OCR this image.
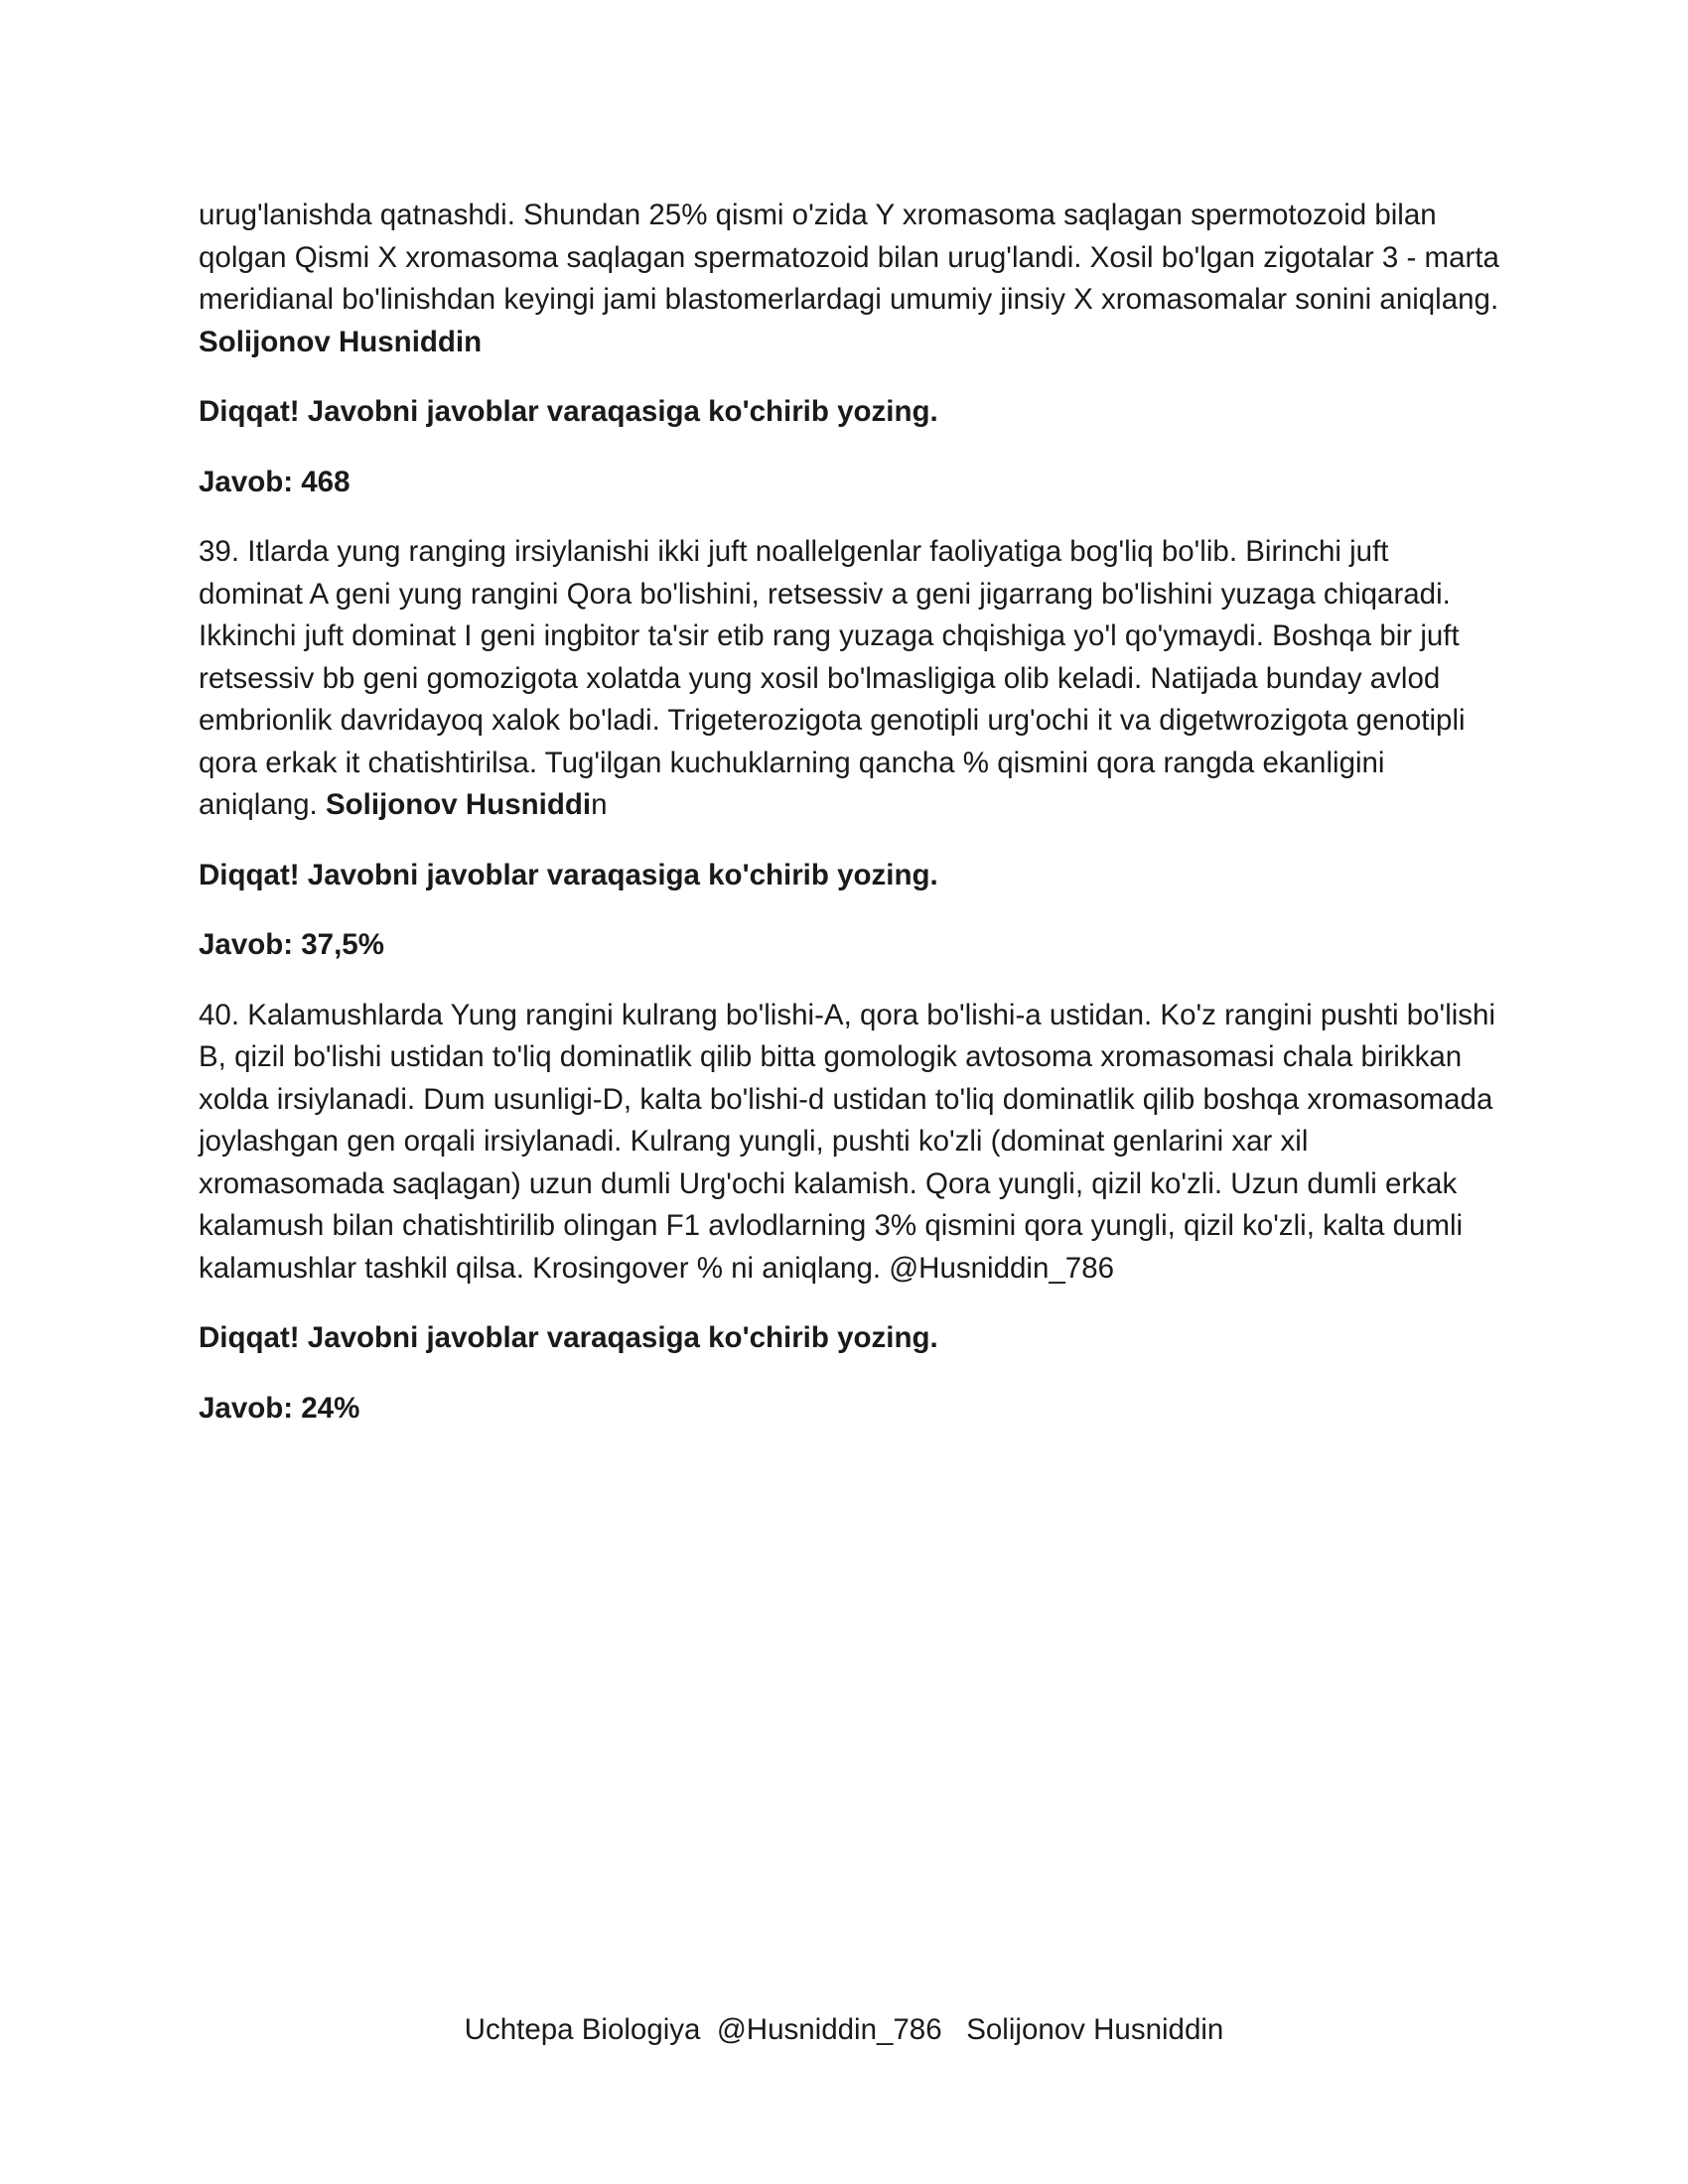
urug'lanishda qatnashdi. Shundan 25% qismi o'zida Y xromasoma saqlagan spermotozoid bilan qolgan Qismi X xromasoma saqlagan spermatozoid bilan urug'landi. Xosil bo'lgan zigotalar 3 - marta meridianal bo'linishdan keyingi jami blastomerlardagi umumiy jinsiy X xromasomalar sonini aniqlang. Solijonov Husniddin

Diqqat! Javobni javoblar varaqasiga ko'chirib yozing.

Javob: 468

39. Itlarda yung ranging irsiylanishi ikki juft noallelgenlar faoliyatiga bog'liq bo'lib. Birinchi juft dominat A geni yung rangini Qora bo'lishini, retsessiv a geni jigarrang bo'lishini yuzaga chiqaradi. Ikkinchi juft dominat I geni ingbitor ta'sir etib rang yuzaga chqishiga yo'l qo'ymaydi. Boshqa bir juft retsessiv bb geni gomozigota xolatda yung xosil bo'lmasligiga olib keladi. Natijada bunday avlod embrionlik davridayoq xalok bo'ladi. Trigeterozigota genotipli urg'ochi it va digetwrozigota genotipli qora erkak it chatishtirilsa. Tug'ilgan kuchuklarning qancha % qismini qora rangda ekanligini aniqlang. Solijonov Husniddin

Diqqat! Javobni javoblar varaqasiga ko'chirib yozing.

Javob: 37,5%

40. Kalamushlarda Yung rangini kulrang bo'lishi-A, qora bo'lishi-a ustidan. Ko'z rangini pushti bo'lishi B, qizil bo'lishi ustidan to'liq dominatlik qilib bitta gomologik avtosoma xromasomasi chala birikkan xolda irsiylanadi. Dum usunligi-D, kalta bo'lishi-d ustidan to'liq dominatlik qilib boshqa xromasomada joylashgan gen orqali irsiylanadi. Kulrang yungli, pushti ko'zli (dominat genlarini xar xil xromasomada saqlagan) uzun dumli Urg'ochi kalamish. Qora yungli, qizil ko'zli. Uzun dumli erkak kalamush bilan chatishtirilib olingan F1 avlodlarning 3% qismini qora yungli, qizil ko'zli, kalta dumli kalamushlar tashkil qilsa. Krosingover % ni aniqlang. @Husniddin_786

Diqqat! Javobni javoblar varaqasiga ko'chirib yozing.

Javob: 24%

Uchtepa Biologiya  @Husniddin_786   Solijonov Husniddin
